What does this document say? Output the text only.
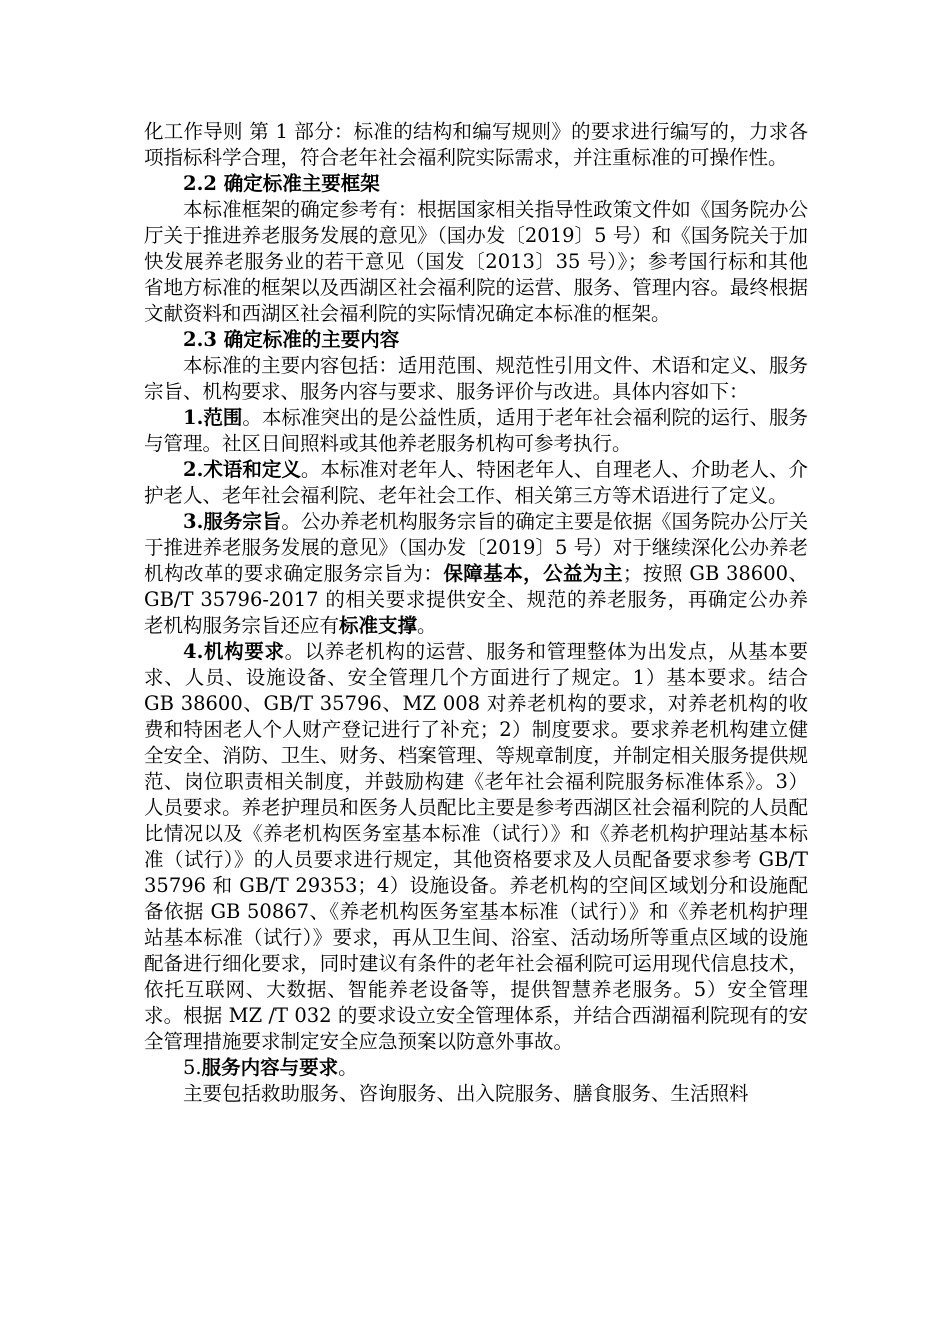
化工作导则 第 1 部分：标准的结构和编写规则》的要求进行编写的，力求各项指标科学合理，符合老年社会福利院实际需求，并注重标准的可操作性。

2.2 确定标准主要框架

本标准框架的确定参考有：根据国家相关指导性政策文件如《国务院办公厅关于推进养老服务发展的意见》（国办发〔2019〕5 号）和《国务院关于加快发展养老服务业的若干意见（国发〔2013〕35 号）》；参考国行标和其他省地方标准的框架以及西湖区社会福利院的运营、服务、管理内容。最终根据文献资料和西湖区社会福利院的实际情况确定本标准的框架。

2.3 确定标准的主要内容

本标准的主要内容包括：适用范围、规范性引用文件、术语和定义、服务宗旨、机构要求、服务内容与要求、服务评价与改进。具体内容如下：

1.范围。本标准突出的是公益性质，适用于老年社会福利院的运行、服务与管理。社区日间照料或其他养老服务机构可参考执行。

2.术语和定义。本标准对老年人、特困老年人、自理老人、介助老人、介护老人、老年社会福利院、老年社会工作、相关第三方等术语进行了定义。

3.服务宗旨。公办养老机构服务宗旨的确定主要是依据《国务院办公厅关于推进养老服务发展的意见》（国办发〔2019〕5 号）对于继续深化公办养老机构改革的要求确定服务宗旨为：保障基本，公益为主；按照 GB 38600、GB/T 35796-2017 的相关要求提供安全、规范的养老服务，再确定公办养老机构服务宗旨还应有标准支撑。

4.机构要求。以养老机构的运营、服务和管理整体为出发点，从基本要求、人员、设施设备、安全管理几个方面进行了规定。1）基本要求。结合 GB 38600、GB/T 35796、MZ 008 对养老机构的要求，对养老机构的收费和特困老人个人财产登记进行了补充；2）制度要求。要求养老机构建立健全安全、消防、卫生、财务、档案管理、等规章制度，并制定相关服务提供规范、岗位职责相关制度，并鼓励构建《老年社会福利院服务标准体系》。3）人员要求。养老护理员和医务人员配比主要是参考西湖区社会福利院的人员配比情况以及《养老机构医务室基本标准（试行）》和《养老机构护理站基本标准（试行）》的人员要求进行规定，其他资格要求及人员配备要求参考 GB/T 35796 和 GB/T 29353；4）设施设备。养老机构的空间区域划分和设施配备依据 GB 50867、《养老机构医务室基本标准（试行）》和《养老机构护理站基本标准（试行）》要求，再从卫生间、浴室、活动场所等重点区域的设施配备进行细化要求，同时建议有条件的老年社会福利院可运用现代信息技术，依托互联网、大数据、智能养老设备等，提供智慧养老服务。5）安全管理求。根据 MZ /T 032 的要求设立安全管理体系，并结合西湖福利院现有的安全管理措施要求制定安全应急预案以防意外事故。

5.服务内容与要求。

主要包括救助服务、咨询服务、出入院服务、膳食服务、生活照料
